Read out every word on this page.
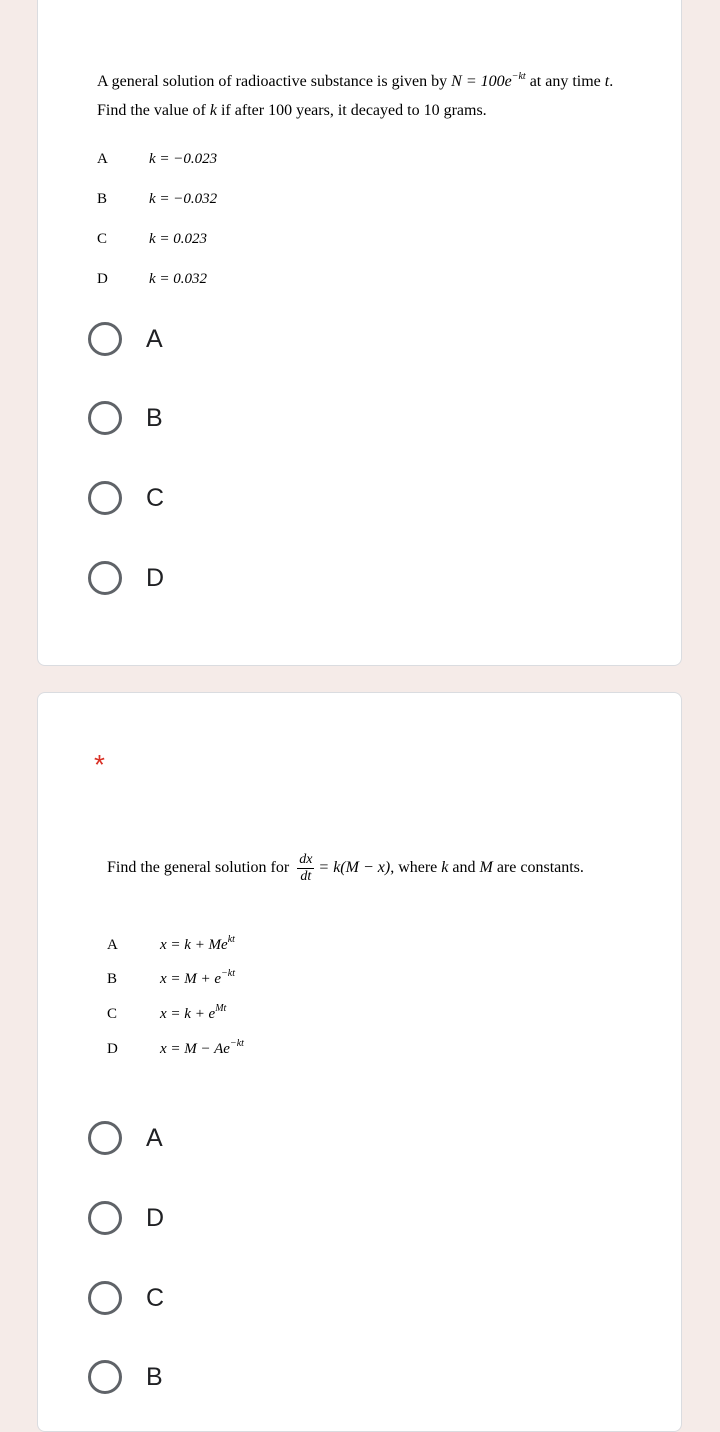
A general solution of radioactive substance is given by $N = 100e^{-kt}$ at any time t.
Find the value of k if after 100 years, it decayed to 10 grams.
A	k = −0.023
B	k = −0.032
C	k = 0.023
D	k = 0.032
A
B
C
D
*
Find the general solution for $\frac{dx}{dt} = k(M - x)$, where k and M are constants.
A	$x = k + Me^{kt}$
B	$x = M + e^{-kt}$
C	$x = k + e^{Mt}$
D	$x = M - Ae^{-kt}$
A
D
C
B
